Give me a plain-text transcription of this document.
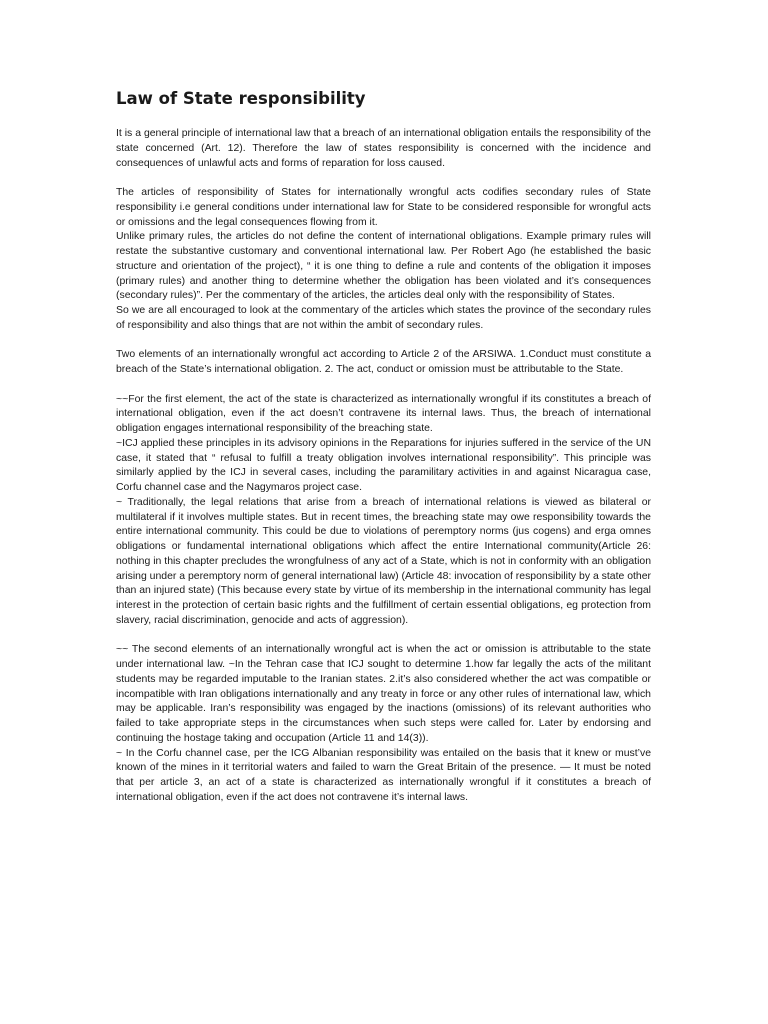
Law of State responsibility

It is a general principle of international law that a breach of an international obligation entails the responsibility of the state concerned (Art. 12). Therefore the law of states responsibility is concerned with the incidence and consequences of unlawful acts and forms of reparation for loss caused.

The articles of responsibility of States for internationally wrongful acts codifies secondary rules of State responsibility i.e general conditions under international law for State to be considered responsible for wrongful acts or omissions and the legal consequences flowing from it.

Unlike primary rules, the articles do not define the content of international obligations. Example primary rules will restate the substantive customary and conventional international law. Per Robert Ago (he established the basic structure and orientation of the project), “ it is one thing to define a rule and contents of the obligation it imposes (primary rules) and another thing to determine whether the obligation has been violated and it’s consequences (secondary rules)”. Per the commentary of the articles, the articles deal only with the responsibility of States.

So we are all encouraged to look at the commentary of the articles which states the province of the secondary rules of responsibility and also things that are not within the ambit of secondary rules.

Two elements of an internationally wrongful act according to Article 2 of the ARSIWA. 1.Conduct must constitute a breach of the State’s international obligation. 2. The act, conduct or omission must be attributable to the State.

~~For the first element, the act of the state is characterized as internationally wrongful if its constitutes a breach of international obligation, even if the act doesn’t contravene its internal laws. Thus, the breach of international obligation engages international responsibility of the breaching state.

~ICJ applied these principles in its advisory opinions in the Reparations for injuries suffered in the service of the UN case, it stated that “ refusal to fulfill a treaty obligation involves international responsibility”. This principle was similarly applied by the ICJ in several cases, including the paramilitary activities in and against Nicaragua case, Corfu channel case and the Nagymaros project case.

~ Traditionally, the legal relations that arise from a breach of international relations is viewed as bilateral or multilateral if it involves multiple states. But in recent times, the breaching state may owe responsibility towards the entire international community. This could be due to violations of peremptory norms (jus cogens) and erga omnes obligations or fundamental international obligations which affect the entire International community(Article 26: nothing in this chapter precludes the wrongfulness of any act of a State, which is not in conformity with an obligation arising under a peremptory norm of general international law) (Article 48: invocation of responsibility by a state other than an injured state) (This because every state by virtue of its membership in the international community has legal interest in the protection of certain basic rights and the fulfillment of certain essential obligations, eg protection from slavery, racial discrimination, genocide and acts of aggression).

~~ The second elements of an internationally wrongful act is when the act or omission is attributable to the state under international law. ~In the Tehran case that ICJ sought to determine 1.how far legally the acts of the militant students may be regarded imputable to the Iranian states. 2.it’s also considered whether the act was compatible or incompatible with Iran obligations internationally and any treaty in force or any other rules of international law, which may be applicable. Iran’s responsibility was engaged by the inactions (omissions) of its relevant authorities who failed to take appropriate steps in the circumstances when such steps were called for. Later by endorsing and continuing the hostage taking and occupation (Article 11 and 14(3)).

~ In the Corfu channel case, per the ICG Albanian responsibility was entailed on the basis that it knew or must’ve known of the mines in it territorial waters and failed to warn the Great Britain of the presence. — It must be noted that per article 3, an act of a state is characterized as internationally wrongful if it constitutes a breach of international obligation, even if the act does not contravene it’s internal laws.
